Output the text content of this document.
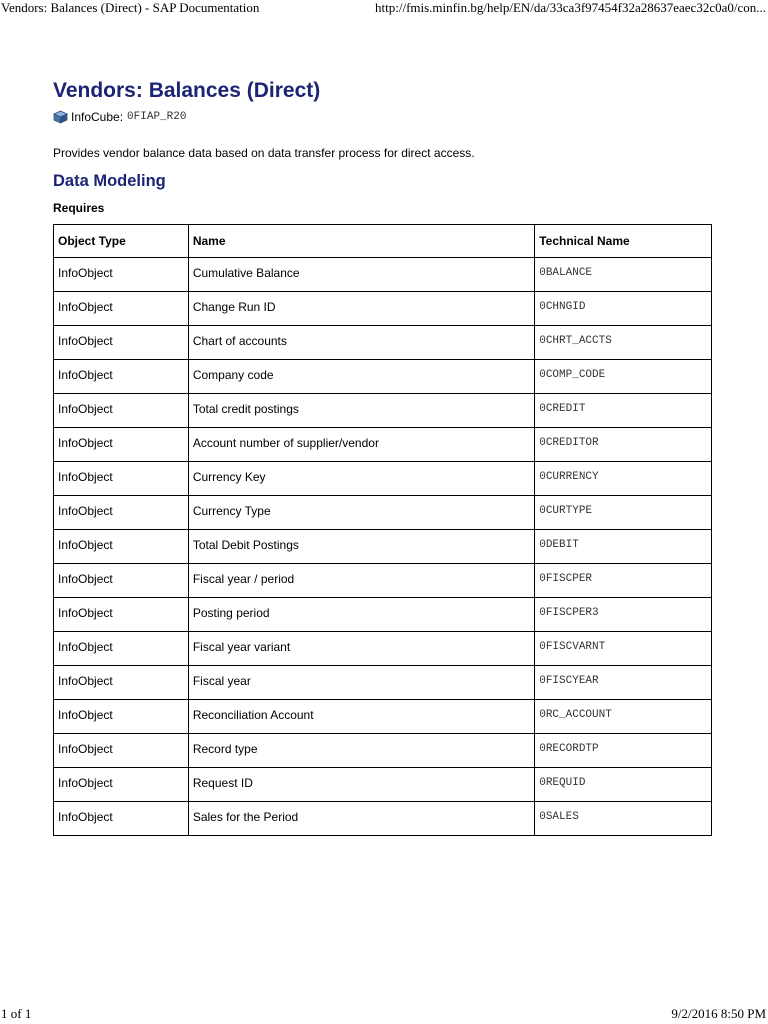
Vendors: Balances (Direct) - SAP Documentation	http://fmis.minfin.bg/help/EN/da/33ca3f97454f32a28637eaec32c0a0/con...
Vendors: Balances (Direct)
InfoCube: 0FIAP_R20
Provides vendor balance data based on data transfer process for direct access.
Data Modeling
Requires
Object Type	Name	Technical Name
InfoObject	Cumulative Balance	0BALANCE
InfoObject	Change Run ID	0CHNGID
InfoObject	Chart of accounts	0CHRT_ACCTS
InfoObject	Company code	0COMP_CODE
InfoObject	Total credit postings	0CREDIT
InfoObject	Account number of supplier/vendor	0CREDITOR
InfoObject	Currency Key	0CURRENCY
InfoObject	Currency Type	0CURTYPE
InfoObject	Total Debit Postings	0DEBIT
InfoObject	Fiscal year / period	0FISCPER
InfoObject	Posting period	0FISCPER3
InfoObject	Fiscal year variant	0FISCVARNT
InfoObject	Fiscal year	0FISCYEAR
InfoObject	Reconciliation Account	0RC_ACCOUNT
InfoObject	Record type	0RECORDTP
InfoObject	Request ID	0REQUID
InfoObject	Sales for the Period	0SALES
1 of 1	9/2/2016 8:50 PM
